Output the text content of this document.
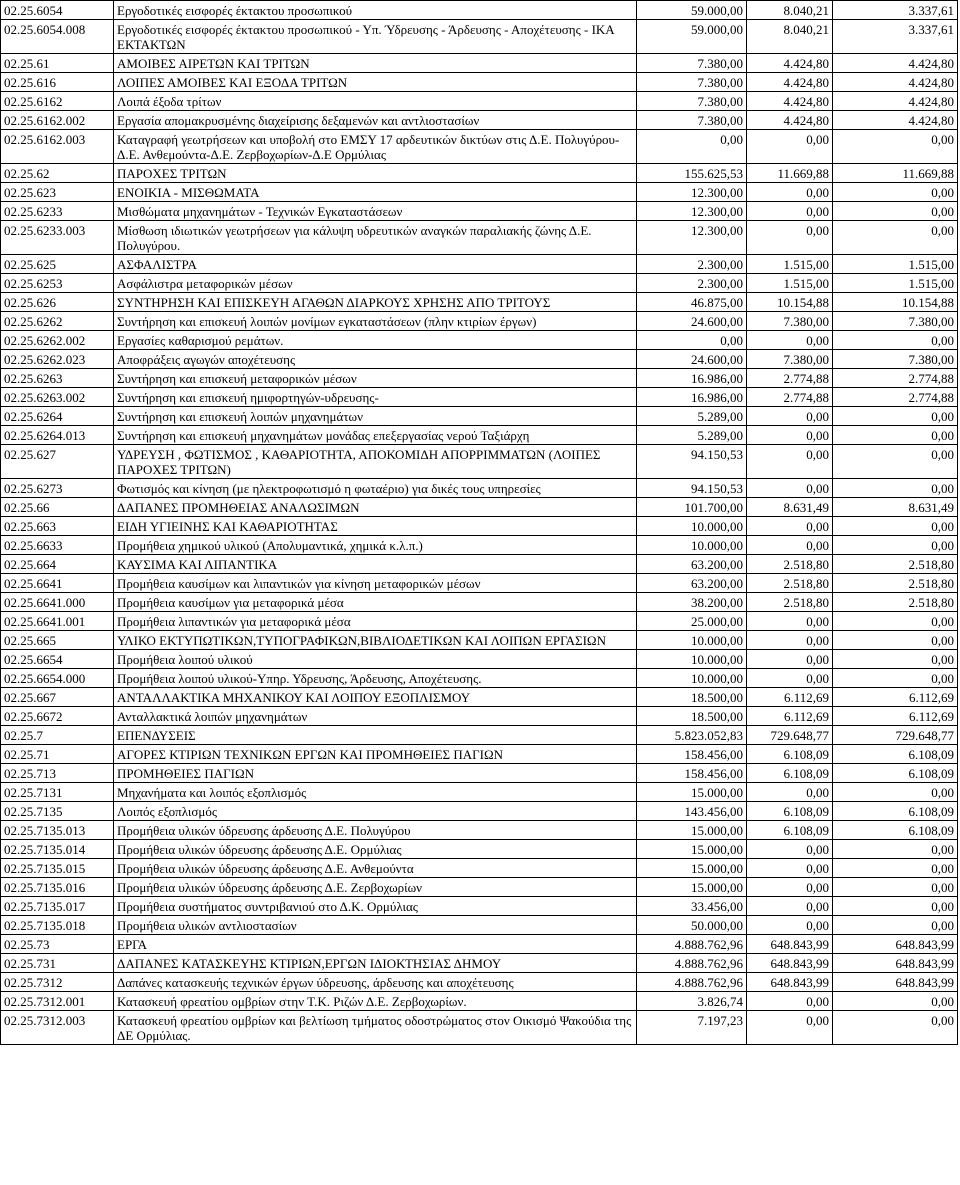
02.25.6054	Εργοδοτικές εισφορές έκτακτου προσωπικού	59.000,00	8.040,21	3.337,61
02.25.6054.008	Εργοδοτικές εισφορές έκτακτου προσωπικού - Υπ. Ύδρευσης - Άρδευσης - Αποχέτευσης - ΙΚΑ ΕΚΤΑΚΤΩΝ	59.000,00	8.040,21	3.337,61
02.25.61	ΑΜΟΙΒΕΣ ΑΙΡΕΤΩΝ ΚΑΙ ΤΡΙΤΩΝ	7.380,00	4.424,80	4.424,80
02.25.616	ΛΟΙΠΕΣ ΑΜΟΙΒΕΣ ΚΑΙ ΕΞΟΔΑ ΤΡΙΤΩΝ	7.380,00	4.424,80	4.424,80
02.25.6162	Λοιπά έξοδα τρίτων	7.380,00	4.424,80	4.424,80
02.25.6162.002	Εργασία απομακρυσμένης διαχείρισης δεξαμενών και αντλιοστασίων	7.380,00	4.424,80	4.424,80
02.25.6162.003	Καταγραφή γεωτρήσεων και υποβολή στο ΕΜΣΥ 17 αρδευτικών δικτύων στις Δ.Ε. Πολυγύρου-Δ.Ε. Ανθεμούντα-Δ.Ε. Ζερβοχωρίων-Δ.Ε Ορμύλιας	0,00	0,00	0,00
02.25.62	ΠΑΡΟΧΕΣ ΤΡΙΤΩΝ	155.625,53	11.669,88	11.669,88
02.25.623	ΕΝΟΙΚΙΑ - ΜΙΣΘΩΜΑΤΑ	12.300,00	0,00	0,00
02.25.6233	Μισθώματα μηχανημάτων - Τεχνικών Εγκαταστάσεων	12.300,00	0,00	0,00
02.25.6233.003	Μίσθωση ιδιωτικών γεωτρήσεων για κάλυψη υδρευτικών αναγκών παραλιακής ζώνης Δ.Ε. Πολυγύρου.	12.300,00	0,00	0,00
02.25.625	ΑΣΦΑΛΙΣΤΡΑ	2.300,00	1.515,00	1.515,00
02.25.6253	Ασφάλιστρα μεταφορικών μέσων	2.300,00	1.515,00	1.515,00
02.25.626	ΣΥΝΤΗΡΗΣΗ ΚΑΙ ΕΠΙΣΚΕΥΗ ΑΓΑΘΩΝ ΔΙΑΡΚΟΥΣ ΧΡΗΣΗΣ ΑΠΟ ΤΡΙΤΟΥΣ	46.875,00	10.154,88	10.154,88
02.25.6262	Συντήρηση και επισκευή λοιπών μονίμων εγκαταστάσεων (πλην κτιρίων έργων)	24.600,00	7.380,00	7.380,00
02.25.6262.002	Εργασίες καθαρισμού ρεμάτων.	0,00	0,00	0,00
02.25.6262.023	Αποφράξεις αγωγών αποχέτευσης	24.600,00	7.380,00	7.380,00
02.25.6263	Συντήρηση και επισκευή μεταφορικών μέσων	16.986,00	2.774,88	2.774,88
02.25.6263.002	Συντήρηση και επισκευή ημιφορτηγών-υδρευσης-	16.986,00	2.774,88	2.774,88
02.25.6264	Συντήρηση και επισκευή λοιπών μηχανημάτων	5.289,00	0,00	0,00
02.25.6264.013	Συντήρηση και επισκευή μηχανημάτων μονάδας επεξεργασίας νερού Ταξιάρχη	5.289,00	0,00	0,00
02.25.627	ΥΔΡΕΥΣΗ , ΦΩΤΙΣΜΟΣ , ΚΑΘΑΡΙΟΤΗΤΑ, ΑΠΟΚΟΜΙΔΗ ΑΠΟΡΡΙΜΜΑΤΩΝ (ΛΟΙΠΕΣ ΠΑΡΟΧΕΣ ΤΡΙΤΩΝ)	94.150,53	0,00	0,00
02.25.6273	Φωτισμός και κίνηση (με ηλεκτροφωτισμό η φωταέριο) για δικές τους υπηρεσίες	94.150,53	0,00	0,00
02.25.66	ΔΑΠΑΝΕΣ ΠΡΟΜΗΘΕΙΑΣ ΑΝΑΛΩΣΙΜΩΝ	101.700,00	8.631,49	8.631,49
02.25.663	ΕΙΔΗ ΥΓΙΕΙΝΗΣ ΚΑΙ ΚΑΘΑΡΙΟΤΗΤΑΣ	10.000,00	0,00	0,00
02.25.6633	Προμήθεια χημικού υλικού (Απολυμαντικά, χημικά κ.λ.π.)	10.000,00	0,00	0,00
02.25.664	ΚΑΥΣΙΜΑ ΚΑΙ ΛΙΠΑΝΤΙΚΑ	63.200,00	2.518,80	2.518,80
02.25.6641	Προμήθεια καυσίμων και λιπαντικών για κίνηση μεταφορικών μέσων	63.200,00	2.518,80	2.518,80
02.25.6641.000	Προμήθεια καυσίμων για μεταφορικά μέσα	38.200,00	2.518,80	2.518,80
02.25.6641.001	Προμήθεια λιπαντικών για μεταφορικά μέσα	25.000,00	0,00	0,00
02.25.665	ΥΛΙΚΟ ΕΚΤΥΠΩΤΙΚΩΝ,ΤΥΠΟΓΡΑΦΙΚΩΝ,ΒΙΒΛΙΟΔΕΤΙΚΩΝ ΚΑΙ ΛΟΙΠΩΝ ΕΡΓΑΣΙΩΝ	10.000,00	0,00	0,00
02.25.6654	Προμήθεια λοιπού υλικού	10.000,00	0,00	0,00
02.25.6654.000	Προμήθεια λοιπού υλικού-Υπηρ. Υδρευσης, Άρδευσης, Αποχέτευσης.	10.000,00	0,00	0,00
02.25.667	ΑΝΤΑΛΛΑΚΤΙΚΑ ΜΗΧΑΝΙΚΟΥ ΚΑΙ ΛΟΙΠΟΥ ΕΞΟΠΛΙΣΜΟΥ	18.500,00	6.112,69	6.112,69
02.25.6672	Ανταλλακτικά λοιπών μηχανημάτων	18.500,00	6.112,69	6.112,69
02.25.7	ΕΠΕΝΔΥΣΕΙΣ	5.823.052,83	729.648,77	729.648,77
02.25.71	ΑΓΟΡΕΣ ΚΤΙΡΙΩΝ ΤΕΧΝΙΚΩΝ ΕΡΓΩΝ ΚΑΙ ΠΡΟΜΗΘΕΙΕΣ ΠΑΓΙΩΝ	158.456,00	6.108,09	6.108,09
02.25.713	ΠΡΟΜΗΘΕΙΕΣ ΠΑΓΙΩΝ	158.456,00	6.108,09	6.108,09
02.25.7131	Μηχανήματα και λοιπός εξοπλισμός	15.000,00	0,00	0,00
02.25.7135	Λοιπός εξοπλισμός	143.456,00	6.108,09	6.108,09
02.25.7135.013	Προμήθεια υλικών ύδρευσης άρδευσης Δ.Ε. Πολυγύρου	15.000,00	6.108,09	6.108,09
02.25.7135.014	Προμήθεια υλικών ύδρευσης άρδευσης Δ.Ε. Ορμύλιας	15.000,00	0,00	0,00
02.25.7135.015	Προμήθεια υλικών ύδρευσης άρδευσης Δ.Ε. Ανθεμούντα	15.000,00	0,00	0,00
02.25.7135.016	Προμήθεια υλικών ύδρευσης άρδευσης Δ.Ε. Ζερβοχωρίων	15.000,00	0,00	0,00
02.25.7135.017	Προμήθεια συστήματος συντριβανιού στο Δ.Κ. Ορμύλιας	33.456,00	0,00	0,00
02.25.7135.018	Προμήθεια υλικών αντλιοστασίων	50.000,00	0,00	0,00
02.25.73	ΕΡΓΑ	4.888.762,96	648.843,99	648.843,99
02.25.731	ΔΑΠΑΝΕΣ ΚΑΤΑΣΚΕΥΗΣ ΚΤΙΡΙΩΝ,ΕΡΓΩΝ ΙΔΙΟΚΤΗΣΙΑΣ ΔΗΜΟΥ	4.888.762,96	648.843,99	648.843,99
02.25.7312	Δαπάνες κατασκευής τεχνικών έργων ύδρευσης, άρδευσης και αποχέτευσης	4.888.762,96	648.843,99	648.843,99
02.25.7312.001	Κατασκευή φρεατίου ομβρίων στην Τ.Κ. Ριζών Δ.Ε. Ζερβοχωρίων.	3.826,74	0,00	0,00
02.25.7312.003	Κατασκευή φρεατίου ομβρίων και βελτίωση τμήματος οδοστρώματος στον Οικισμό Ψακούδια της ΔΕ Ορμύλιας.	7.197,23	0,00	0,00
